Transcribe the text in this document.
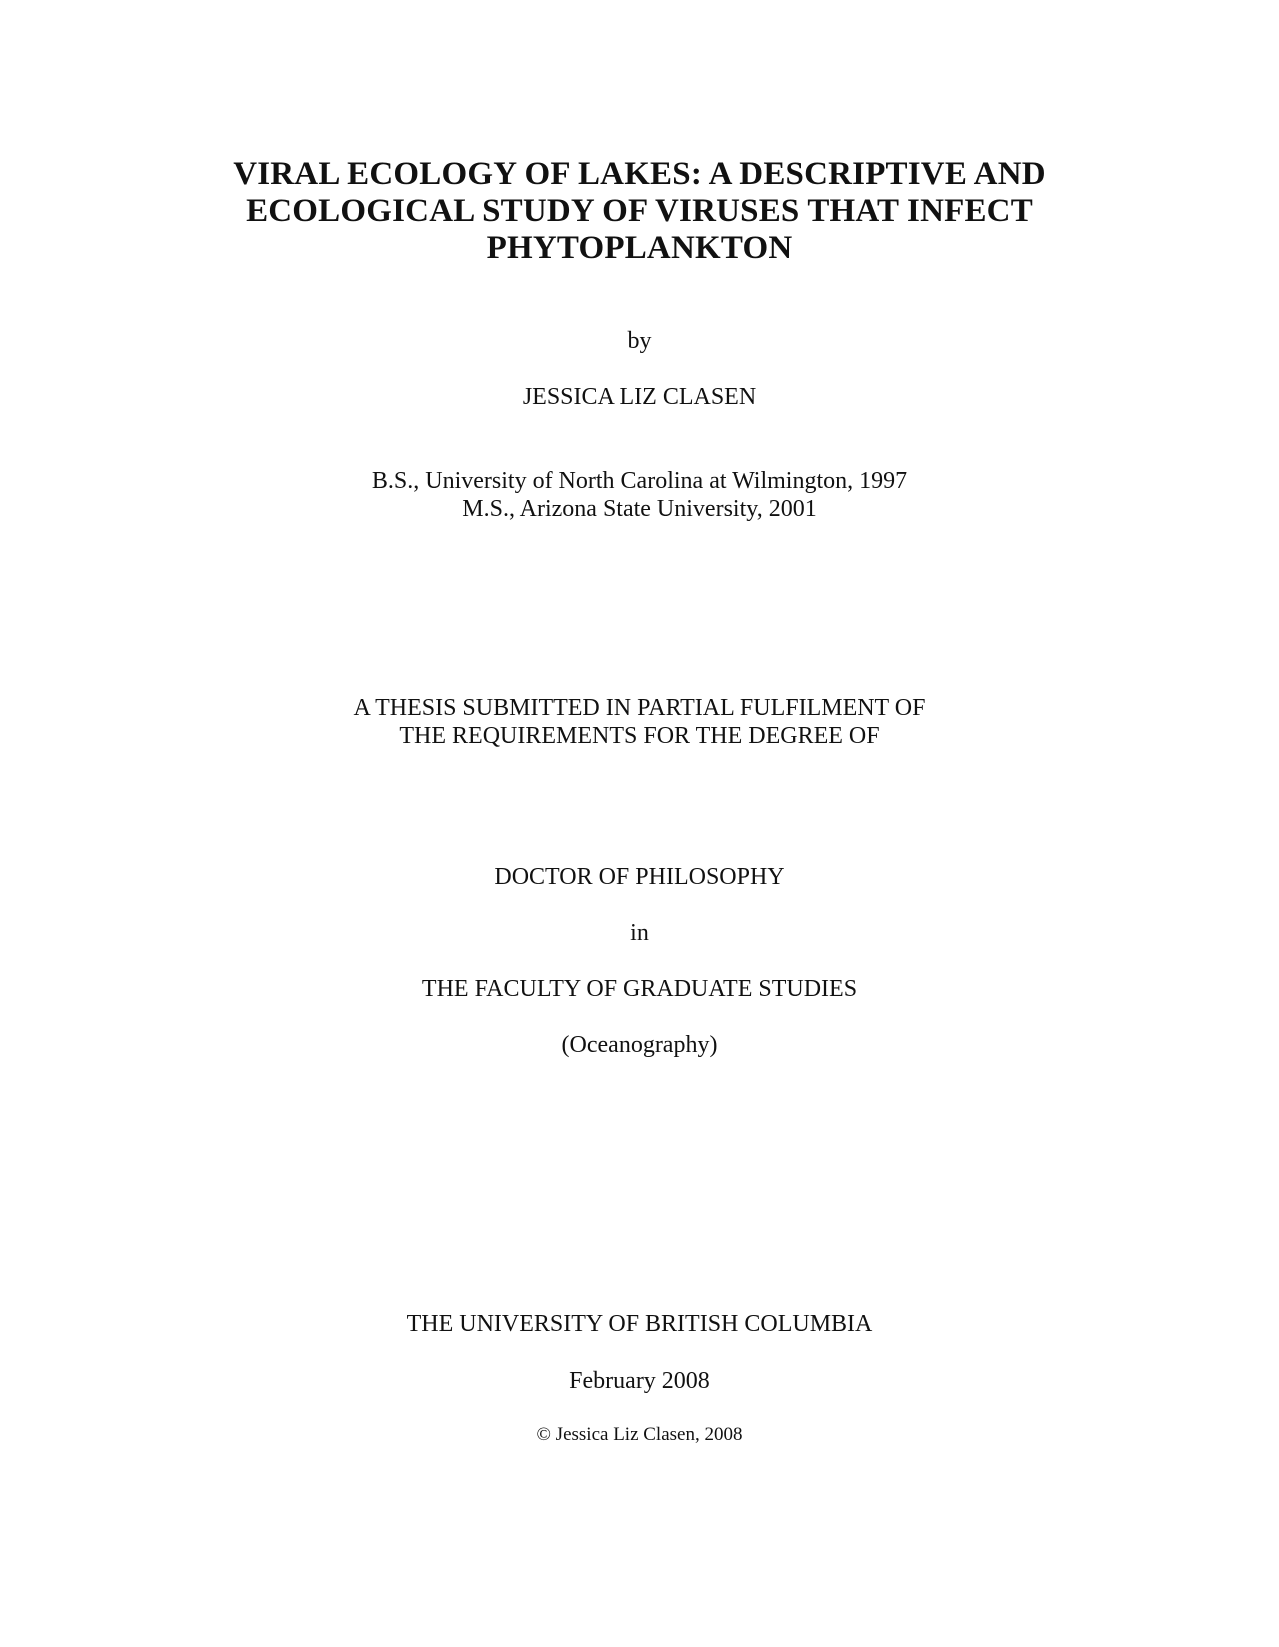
VIRAL ECOLOGY OF LAKES: A DESCRIPTIVE AND
ECOLOGICAL STUDY OF VIRUSES THAT INFECT
PHYTOPLANKTON
by
JESSICA LIZ CLASEN
B.S., University of North Carolina at Wilmington, 1997
M.S., Arizona State University, 2001
A THESIS SUBMITTED IN PARTIAL FULFILMENT OF
THE REQUIREMENTS FOR THE DEGREE OF
DOCTOR OF PHILOSOPHY
in
THE FACULTY OF GRADUATE STUDIES
(Oceanography)
THE UNIVERSITY OF BRITISH COLUMBIA
February 2008
© Jessica Liz Clasen, 2008
